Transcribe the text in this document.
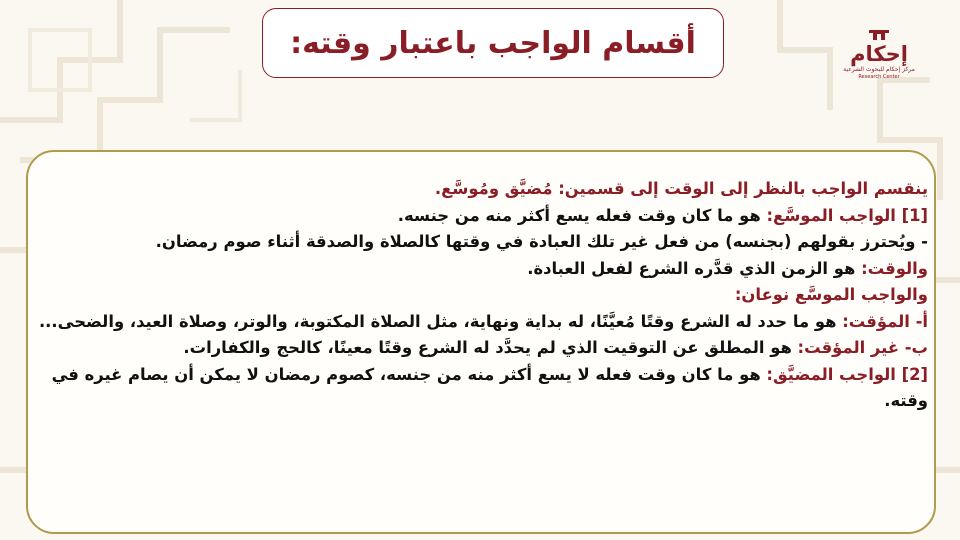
أقسام الواجب باعتبار وقته:	إحكام
مركز إحكام للبحوث الشرعية
Research Center

ينقسم الواجب بالنظر إلى الوقت إلى قسمين: مُضيَّق ومُوسَّع.

[1] الواجب الموسَّع: هو ما كان وقت فعله يسع أكثر منه من جنسه.

- ويُحترز بقولهم (بجنسه) من فعل غير تلك العبادة في وقتها كالصلاة والصدقة أثناء صوم رمضان.

والوقت: هو الزمن الذي قدَّره الشرع لفعل العبادة.

والواجب الموسَّع نوعان:

أ- المؤقت: هو ما حدد له الشرع وقتًا مُعيَّنًا، له بداية ونهاية، مثل الصلاة المكتوبة، والوتر، وصلاة العيد، والضحى...

ب- غير المؤقت: هو المطلق عن التوقيت الذي لم يحدَّد له الشرع وقتًا معينًا، كالحج والكفارات.

[2] الواجب المضيَّق: هو ما كان وقت فعله لا يسع أكثر منه من جنسه، كصوم رمضان لا يمكن أن يصام غيره في وقته.
